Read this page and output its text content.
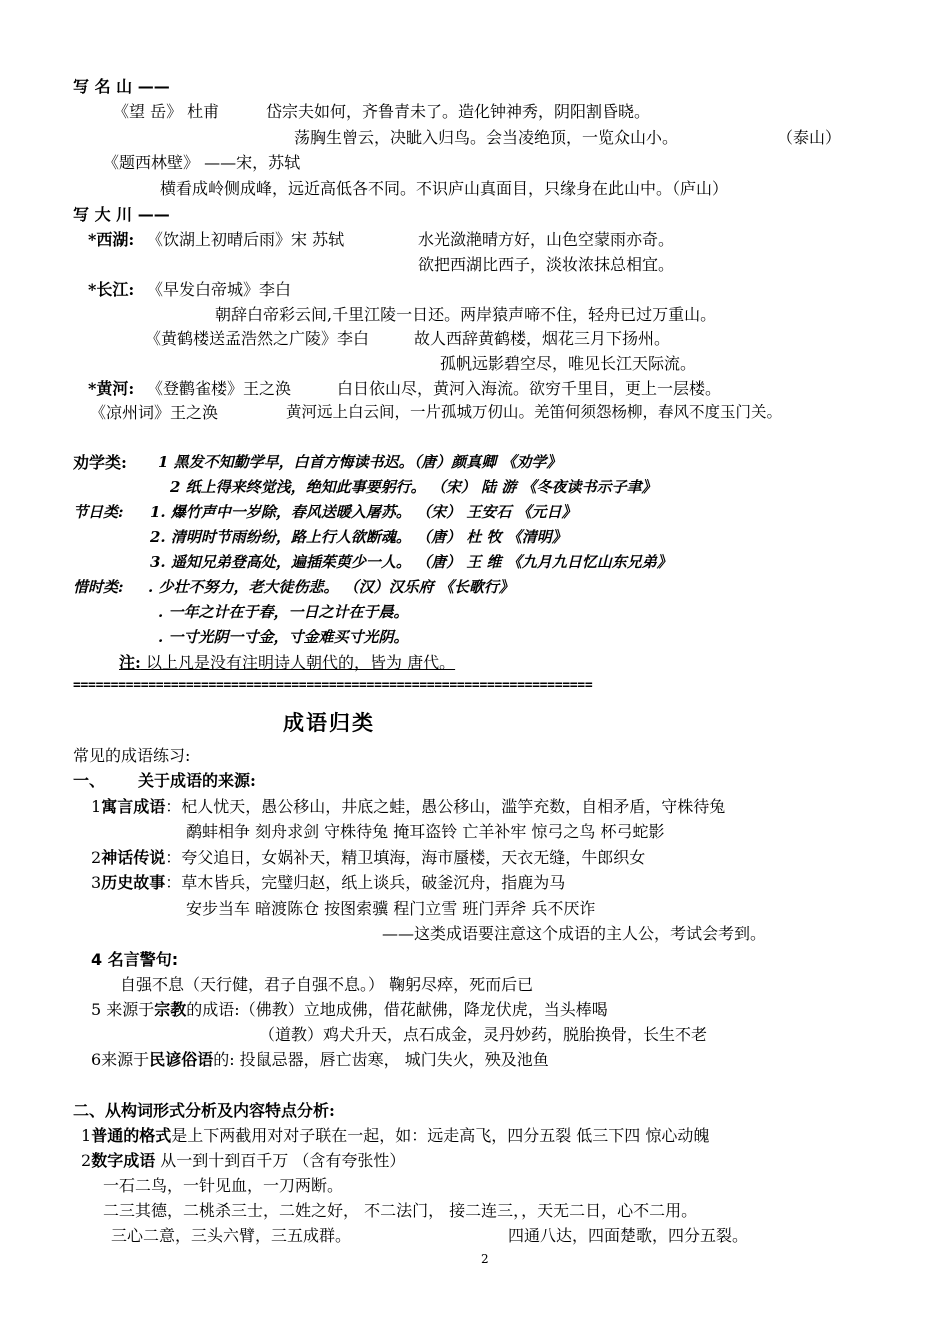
写 名 山 ——
《望 岳》 杜甫	岱宗夫如何，齐鲁青未了。造化钟神秀，阴阳割昏晓。
荡胸生曾云，决眦入归鸟。会当凌绝顶，一览众山小。	（泰山）
《题西林壁》 ——宋，苏轼
横看成岭侧成峰，远近高低各不同。不识庐山真面目，只缘身在此山中。（庐山）
写 大 川 ——
*西湖: 《饮湖上初晴后雨》宋 苏轼	水光潋滟晴方好，山色空蒙雨亦奇。
欲把西湖比西子，淡妆浓抹总相宜。
*长江: 《早发白帝城》李白
朝辞白帝彩云间,千里江陵一日还。两岸猿声啼不住，轻舟已过万重山。
《黄鹤楼送孟浩然之广陵》李白	故人西辞黄鹤楼，烟花三月下扬州。
孤帆远影碧空尽，唯见长江天际流。
*黄河: 《登鹳雀楼》王之涣	白日依山尽，黄河入海流。欲穷千里目，更上一层楼。
《凉州词》王之涣	黄河远上白云间，一片孤城万仞山。羌笛何须怨杨柳，春风不度玉门关。
劝学类: 1 黑发不知勤学早，白首方悔读书迟。（唐）颜真卿 《劝学》
2 纸上得来终觉浅，绝知此事要躬行。 （宋） 陆 游 《冬夜读书示子聿》
节日类: 1. 爆竹声中一岁除，春风送暖入屠苏。 （宋） 王安石 《元日》
2. 清明时节雨纷纷，路上行人欲断魂。 （唐） 杜 牧 《清明》
3. 遥知兄弟登高处，遍插茱萸少一人。 （唐） 王 维 《九月九日忆山东兄弟》
惜时类: . 少壮不努力，老大徒伤悲。 （汉）汉乐府 《长歌行》
. 一年之计在于春，一日之计在于晨。
. 一寸光阴一寸金，寸金难买寸光阴。
注: 以上凡是没有注明诗人朝代的，皆为 唐代。
=====================================================================
成语归类
常见的成语练习:
一、 关于成语的来源:
1寓言成语：杞人忧天，愚公移山，井底之蛙，愚公移山，滥竽充数，自相矛盾，守株待兔
鹬蚌相争 刻舟求剑 守株待兔 掩耳盗铃 亡羊补牢 惊弓之鸟 杯弓蛇影
2神话传说：夸父追日，女娲补天，精卫填海，海市蜃楼，天衣无缝，牛郎织女
3历史故事：草木皆兵，完璧归赵，纸上谈兵，破釜沉舟，指鹿为马
安步当车 暗渡陈仓 按图索骥 程门立雪 班门弄斧 兵不厌诈
——这类成语要注意这个成语的主人公，考试会考到。
4 名言警句:
自强不息（天行健，君子自强不息。） 鞠躬尽瘁，死而后已
5 来源于宗教的成语:（佛教）立地成佛，借花献佛，降龙伏虎，当头棒喝
（道教）鸡犬升天，点石成金，灵丹妙药，脱胎换骨，长生不老
6来源于民谚俗语的: 投鼠忌器，唇亡齿寒， 城门失火，殃及池鱼
二、从构词形式分析及内容特点分析:
1普通的格式是上下两截用对对子联在一起，如：远走高飞，四分五裂 低三下四 惊心动魄
2数字成语 从一到十到百千万 （含有夸张性）
一石二鸟，一针见血，一刀两断。
二三其德，二桃杀三士，二姓之好， 不二法门， 接二连三，，天无二日，心不二用。
三心二意，三头六臂，三五成群。	四通八达，四面楚歌，四分五裂。
2
